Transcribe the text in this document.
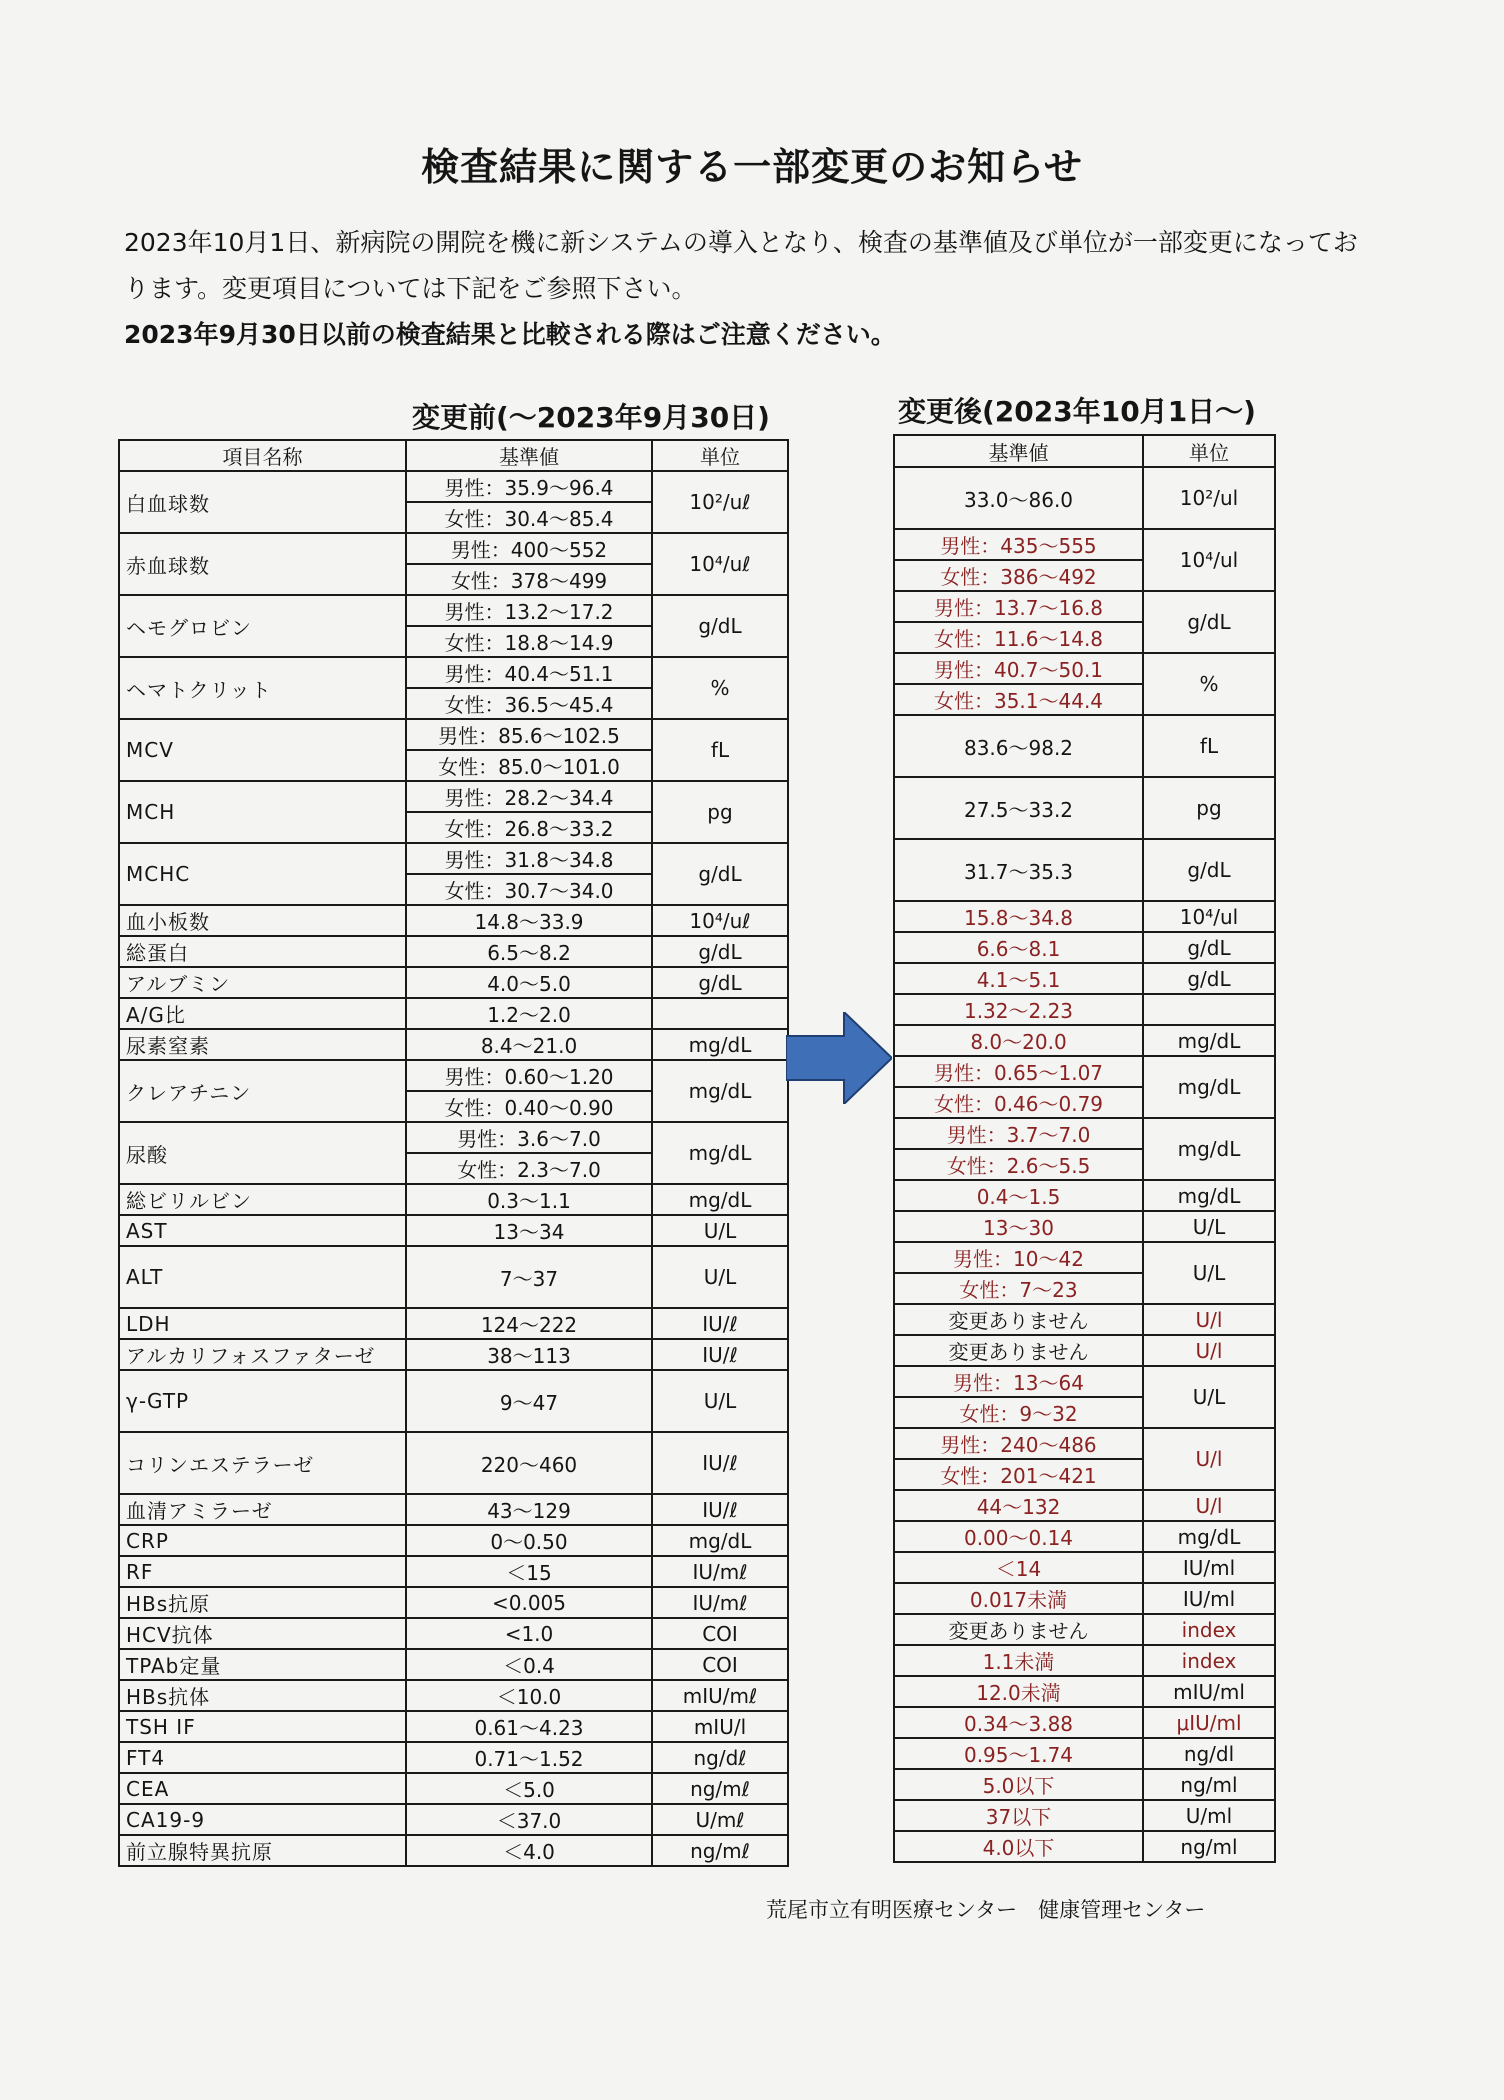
検査結果に関する一部変更のお知らせ

2023年10月1日、新病院の開院を機に新システムの導入となり、検査の基準値及び単位が一部変更になっております。変更項目については下記をご参照下さい。

2023年9月30日以前の検査結果と比較される際はご注意ください。

変更前(～2023年9月30日)	変更後(2023年10月1日～)
項目名称	基準値	単位
白血球数	男性：35.9～96.4	10²/uℓ
	女性：30.4～85.4	
赤血球数	男性：400～552	10⁴/uℓ
	女性：378～499	
ヘモグロビン	男性：13.2～17.2	g/dL
	女性：18.8～14.9	
ヘマトクリット	男性：40.4～51.1	%
	女性：36.5～45.4	
MCV	男性：85.6～102.5	fL
	女性：85.0～101.0	
MCH	男性：28.2～34.4	pg
	女性：26.8～33.2	
MCHC	男性：31.8～34.8	g/dL
	女性：30.7～34.0	
血小板数	14.8～33.9	10⁴/uℓ
総蛋白	6.5～8.2	g/dL
アルブミン	4.0～5.0	g/dL
A/G比	1.2～2.0	
尿素窒素	8.4～21.0	mg/dL
クレアチニン	男性：0.60～1.20	mg/dL
	女性：0.40～0.90	
尿酸	男性：3.6～7.0	mg/dL
	女性：2.3～7.0	
総ビリルビン	0.3～1.1	mg/dL
AST	13～34	U/L
ALT	7～37	U/L
LDH	124～222	IU/ℓ
アルカリフォスファターゼ	38～113	IU/ℓ
γ-GTP	9～47	U/L
コリンエステラーゼ	220～460	IU/ℓ
血清アミラーゼ	43～129	IU/ℓ
CRP	0～0.50	mg/dL
RF	＜15	IU/mℓ
HBs抗原	<0.005	IU/mℓ
HCV抗体	<1.0	COI
TPAb定量	＜0.4	COI
HBs抗体	＜10.0	mIU/mℓ
TSH IF	0.61～4.23	mIU/l
FT4	0.71～1.52	ng/dℓ
CEA	＜5.0	ng/mℓ
CA19-9	＜37.0	U/mℓ
前立腺特異抗原	＜4.0	ng/mℓ
基準値	単位
33.0～86.0	10²/ul
男性：435～555	10⁴/ul
女性：386～492	
男性：13.7～16.8	g/dL
女性：11.6～14.8	
男性：40.7～50.1	%
女性：35.1～44.4	
83.6～98.2	fL
27.5～33.2	pg
31.7～35.3	g/dL
15.8～34.8	10⁴/ul
6.6～8.1	g/dL
4.1～5.1	g/dL
1.32～2.23	
8.0～20.0	mg/dL
男性：0.65～1.07	mg/dL
女性：0.46～0.79	
男性：3.7～7.0	mg/dL
女性：2.6～5.5	
0.4～1.5	mg/dL
13～30	U/L
男性：10～42	U/L
女性：7～23	
変更ありません	U/l
変更ありません	U/l
男性：13～64	U/L
女性：9～32	
男性：240～486	U/l
女性：201～421	
44～132	U/l
0.00～0.14	mg/dL
＜14	IU/ml
0.017未満	IU/ml
変更ありません	index
1.1未満	index
12.0未満	mIU/ml
0.34～3.88	μIU/ml
0.95～1.74	ng/dl
5.0以下	ng/ml
37以下	U/ml
4.0以下	ng/ml
荒尾市立有明医療センター　健康管理センター
